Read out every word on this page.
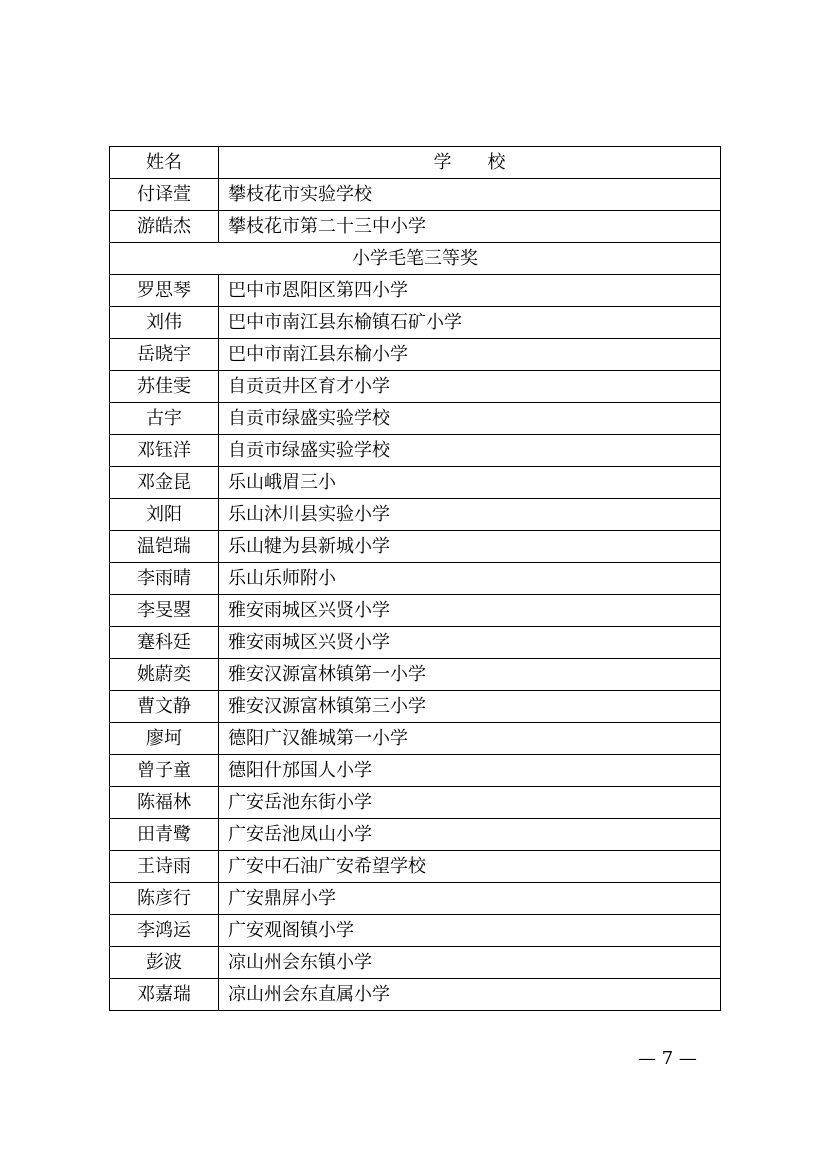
姓名	学　　校
付译萱	攀枝花市实验学校
游皓杰	攀枝花市第二十三中小学
小学毛笔三等奖	
罗思琴	巴中市恩阳区第四小学
刘伟	巴中市南江县东榆镇石矿小学
岳晓宇	巴中市南江县东榆小学
苏佳雯	自贡贡井区育才小学
古宇	自贡市绿盛实验学校
邓钰洋	自贡市绿盛实验学校
邓金昆	乐山峨眉三小
刘阳	乐山沐川县实验小学
温铠瑞	乐山犍为县新城小学
李雨晴	乐山乐师附小
李旻曌	雅安雨城区兴贤小学
蹇科廷	雅安雨城区兴贤小学
姚蔚奕	雅安汉源富林镇第一小学
曹文静	雅安汉源富林镇第三小学
廖坷	德阳广汉雒城第一小学
曾子童	德阳什邡国人小学
陈福林	广安岳池东街小学
田青鹭	广安岳池凤山小学
王诗雨	广安中石油广安希望学校
陈彦行	广安鼎屏小学
李鸿运	广安观阁镇小学
彭波	凉山州会东镇小学
邓嘉瑞	凉山州会东直属小学
— 7 —
